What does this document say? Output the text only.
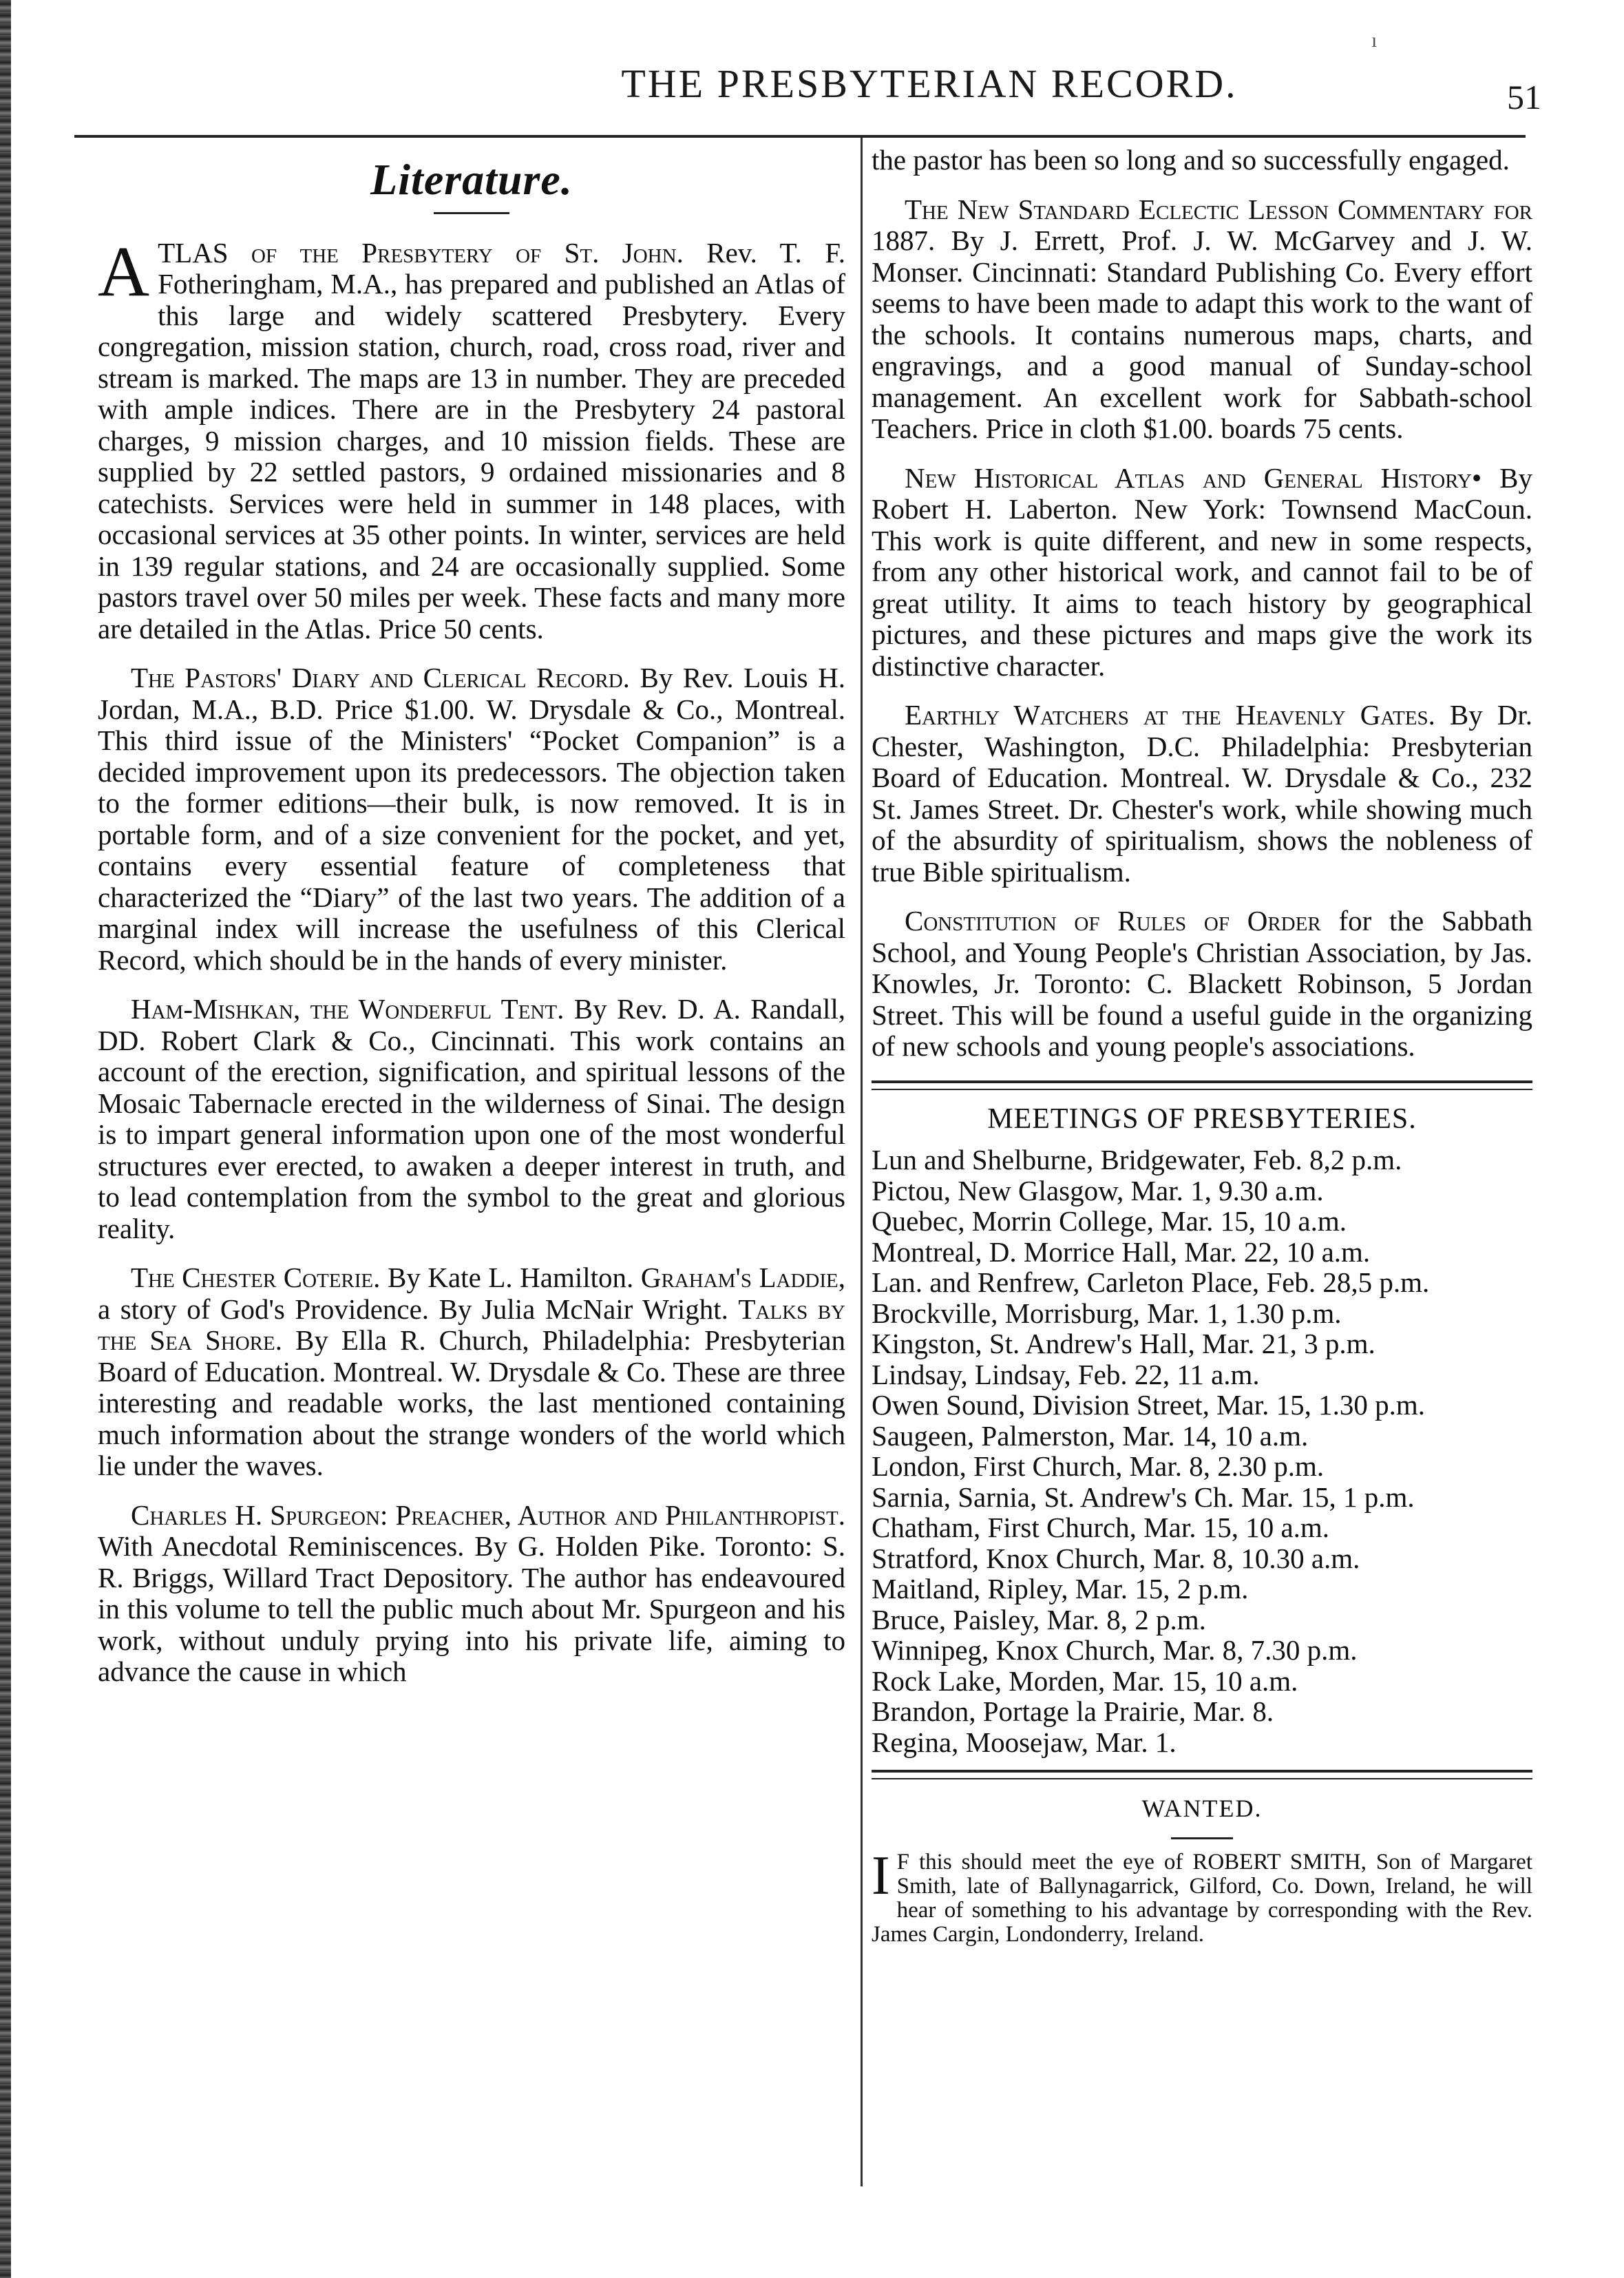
ı
THE PRESBYTERIAN RECORD.	51
Literature.

A TLAS of the Presbytery of St. John. Rev. T. F. Fotheringham, M.A., has prepared and published an Atlas of this large and widely scattered Presbytery. Every congregation, mission station, church, road, cross road, river and stream is marked. The maps are 13 in number. They are preceded with ample indices. There are in the Presbytery 24 pastoral charges, 9 mission charges, and 10 mission fields. These are supplied by 22 settled pastors, 9 ordained missionaries and 8 catechists. Services were held in summer in 148 places, with occasional services at 35 other points. In winter, services are held in 139 regular stations, and 24 are occasionally supplied. Some pastors travel over 50 miles per week. These facts and many more are detailed in the Atlas. Price 50 cents.

The Pastors' Diary and Clerical Record. By Rev. Louis H. Jordan, M.A., B.D. Price $1.00. W. Drysdale & Co., Montreal. This third issue of the Ministers' “Pocket Companion” is a decided improvement upon its predecessors. The objection taken to the former editions—their bulk, is now removed. It is in portable form, and of a size convenient for the pocket, and yet, contains every essential feature of completeness that characterized the “Diary” of the last two years. The addition of a marginal index will increase the usefulness of this Clerical Record, which should be in the hands of every minister.

Ham-Mishkan, the Wonderful Tent. By Rev. D. A. Randall, DD. Robert Clark & Co., Cincinnati. This work contains an account of the erection, signification, and spiritual lessons of the Mosaic Tabernacle erected in the wilderness of Sinai. The design is to impart general information upon one of the most wonderful structures ever erected, to awaken a deeper interest in truth, and to lead contemplation from the symbol to the great and glorious reality.

The Chester Coterie. By Kate L. Hamilton. Graham's Laddie, a story of God's Providence. By Julia McNair Wright. Talks by the Sea Shore. By Ella R. Church, Philadelphia: Presbyterian Board of Education. Montreal. W. Drysdale & Co. These are three interesting and readable works, the last mentioned containing much information about the strange wonders of the world which lie under the waves.

Charles H. Spurgeon: Preacher, Author and Philanthropist. With Anecdotal Reminiscences. By G. Holden Pike. Toronto: S. R. Briggs, Willard Tract Depository. The author has endeavoured in this volume to tell the public much about Mr. Spurgeon and his work, without unduly prying into his private life, aiming to advance the cause in which

the pastor has been so long and so successfully engaged.

The New Standard Eclectic Lesson Commentary for 1887. By J. Errett, Prof. J. W. McGarvey and J. W. Monser. Cincinnati: Standard Publishing Co. Every effort seems to have been made to adapt this work to the want of the schools. It contains numerous maps, charts, and engravings, and a good manual of Sunday-school management. An excellent work for Sabbath-school Teachers. Price in cloth $1.00. boards 75 cents.

New Historical Atlas and General History• By Robert H. Laberton. New York: Townsend MacCoun. This work is quite different, and new in some respects, from any other historical work, and cannot fail to be of great utility. It aims to teach history by geographical pictures, and these pictures and maps give the work its distinctive character.

Earthly Watchers at the Heavenly Gates. By Dr. Chester, Washington, D.C. Philadelphia: Presbyterian Board of Education. Montreal. W. Drysdale & Co., 232 St. James Street. Dr. Chester's work, while showing much of the absurdity of spiritualism, shows the nobleness of true Bible spiritualism.

Constitution of Rules of Order for the Sabbath School, and Young People's Christian Association, by Jas. Knowles, Jr. Toronto: C. Blackett Robinson, 5 Jordan Street. This will be found a useful guide in the organizing of new schools and young people's associations.

MEETINGS OF PRESBYTERIES.
Lun and Shelburne, Bridgewater, Feb. 8,2 p.m.
Pictou, New Glasgow, Mar. 1, 9.30 a.m.
Quebec, Morrin College, Mar. 15, 10 a.m.
Montreal, D. Morrice Hall, Mar. 22, 10 a.m.
Lan. and Renfrew, Carleton Place, Feb. 28,5 p.m.
Brockville, Morrisburg, Mar. 1, 1.30 p.m.
Kingston, St. Andrew's Hall, Mar. 21, 3 p.m.
Lindsay, Lindsay, Feb. 22, 11 a.m.
Owen Sound, Division Street, Mar. 15, 1.30 p.m.
Saugeen, Palmerston, Mar. 14, 10 a.m.
London, First Church, Mar. 8, 2.30 p.m.
Sarnia, Sarnia, St. Andrew's Ch. Mar. 15, 1 p.m.
Chatham, First Church, Mar. 15, 10 a.m.
Stratford, Knox Church, Mar. 8, 10.30 a.m.
Maitland, Ripley, Mar. 15, 2 p.m.
Bruce, Paisley, Mar. 8, 2 p.m.
Winnipeg, Knox Church, Mar. 8, 7.30 p.m.
Rock Lake, Morden, Mar. 15, 10 a.m.
Brandon, Portage la Prairie, Mar. 8.
Regina, Moosejaw, Mar. 1.
WANTED.
I F this should meet the eye of ROBERT SMITH, Son of Margaret Smith, late of Ballynagarrick, Gilford, Co. Down, Ireland, he will hear of something to his advantage by corresponding with the Rev. James Cargin, Londonderry, Ireland.
